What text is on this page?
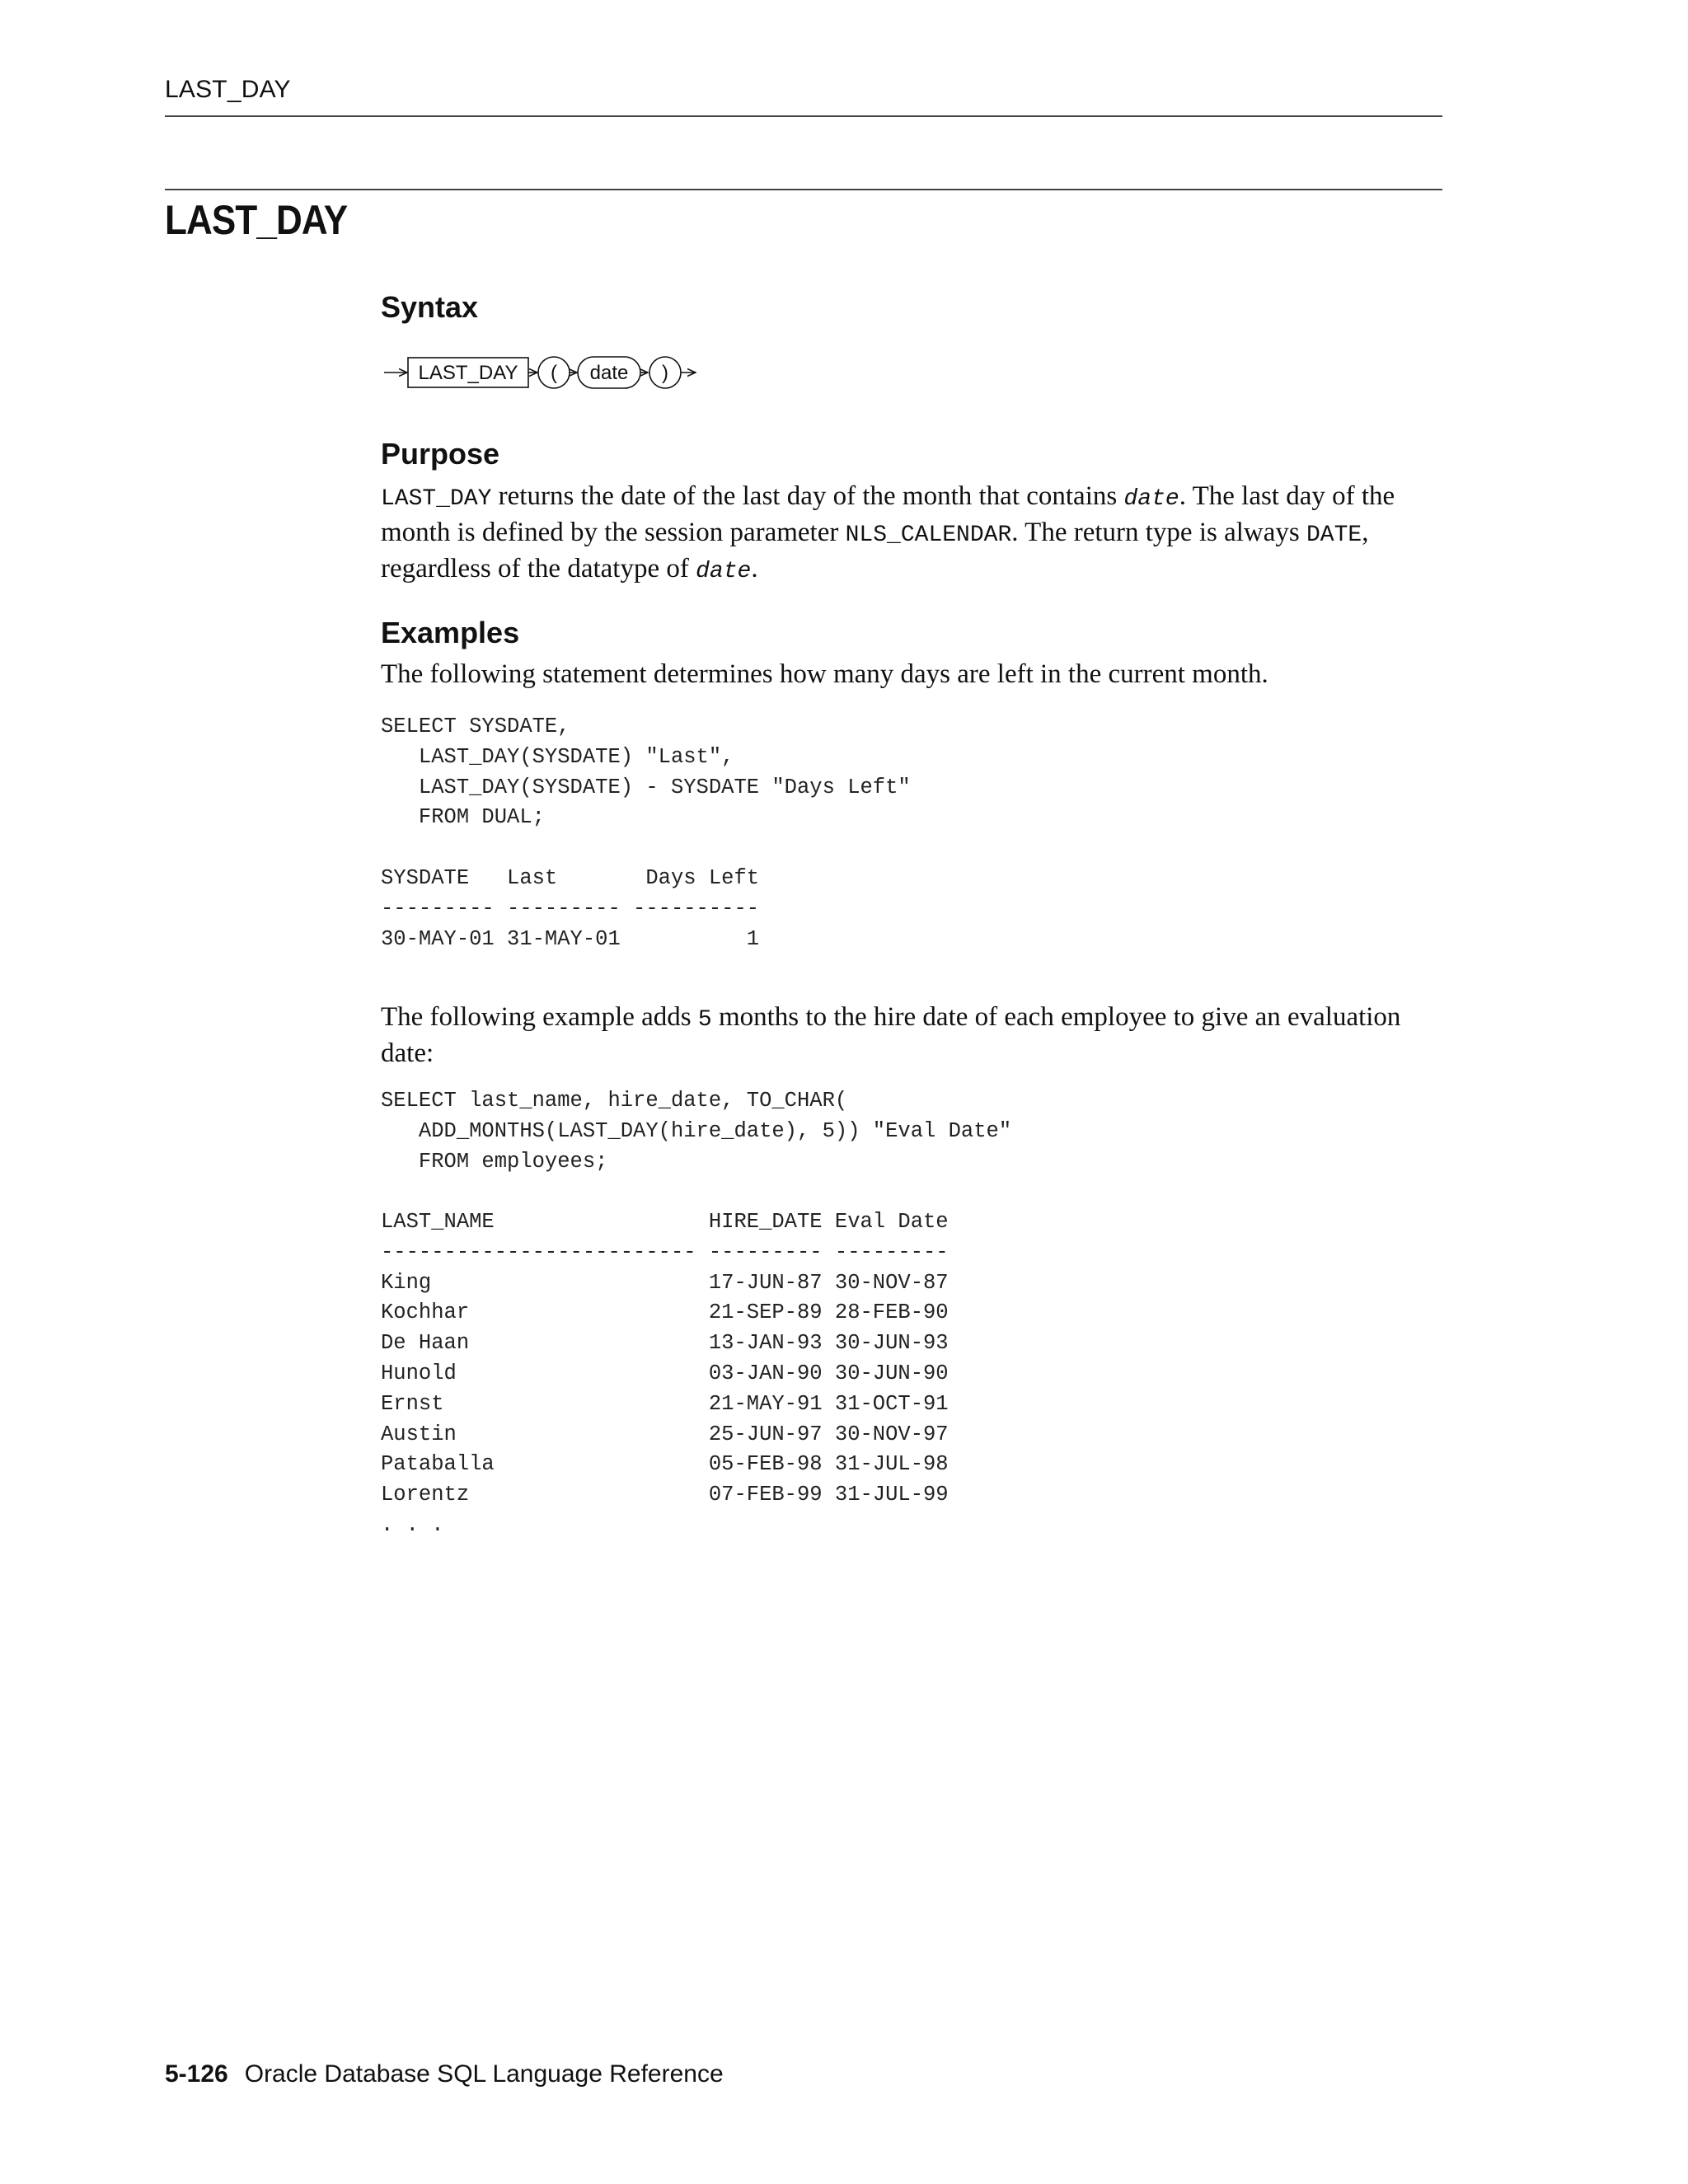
LAST_DAY
LAST_DAY
Syntax
LAST_DAY ( date )
Purpose

LAST_DAY returns the date of the last day of the month that contains date. The last day of the month is defined by the session parameter NLS_CALENDAR. The return type is always DATE, regardless of the datatype of date.

Examples

The following statement determines how many days are left in the current month.

SELECT SYSDATE,
LAST_DAY(SYSDATE) "Last",
LAST_DAY(SYSDATE) - SYSDATE "Days Left"
FROM DUAL;
SYSDATE   Last       Days Left
--------- --------- ----------
30-MAY-01 31-MAY-01          1

The following example adds 5 months to the hire date of each employee to give an evaluation date:

SELECT last_name, hire_date, TO_CHAR(
ADD_MONTHS(LAST_DAY(hire_date), 5)) "Eval Date"
FROM employees;
LAST_NAME                 HIRE_DATE Eval Date
------------------------- --------- ---------
King                      17-JUN-87 30-NOV-87
Kochhar                   21-SEP-89 28-FEB-90
De Haan                   13-JAN-93 30-JUN-93
Hunold                    03-JAN-90 30-JUN-90
Ernst                     21-MAY-91 31-OCT-91
Austin                    25-JUN-97 30-NOV-97
Pataballa                 05-FEB-98 31-JUL-98
Lorentz                   07-FEB-99 31-JUL-99
. . .
5-126 Oracle Database SQL Language Reference
